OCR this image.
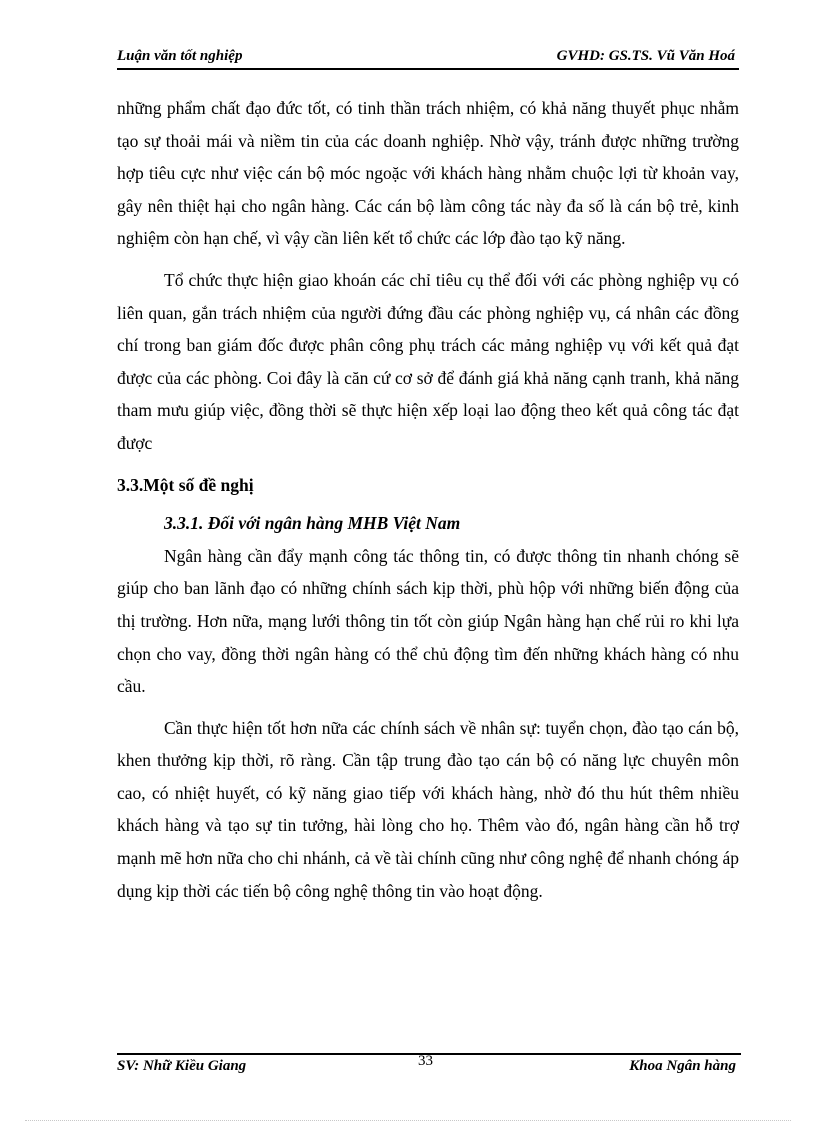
Luận văn tốt nghiệp	GVHD: GS.TS. Vũ Văn Hoá

những phẩm chất đạo đức tốt, có tinh thần trách nhiệm, có khả năng thuyết phục nhằm tạo sự thoải mái và niềm tin của các doanh nghiệp. Nhờ vậy, tránh được những trường hợp tiêu cực như việc cán bộ móc ngoặc với khách hàng nhằm chuộc lợi từ khoản vay, gây nên thiệt hại cho ngân hàng. Các cán bộ làm công tác này đa số là cán bộ trẻ, kinh nghiệm còn hạn chế, vì vậy cần liên kết tổ chức các lớp đào tạo kỹ năng.

Tổ chức thực hiện giao khoán các chỉ tiêu cụ thể đối với các phòng nghiệp vụ có liên quan, gắn trách nhiệm của người đứng đầu các phòng nghiệp vụ, cá nhân các đồng chí trong ban giám đốc được phân công phụ trách các mảng nghiệp vụ với kết quả đạt được của các phòng. Coi đây là căn cứ cơ sở để đánh giá khả năng cạnh tranh, khả năng tham mưu giúp việc, đồng thời sẽ thực hiện xếp loại lao động theo kết quả công tác đạt được

3.3.Một số đề nghị

3.3.1. Đối với ngân hàng MHB Việt Nam

Ngân hàng cần đẩy mạnh công tác thông tin, có được thông tin nhanh chóng sẽ giúp cho ban lãnh đạo có những chính sách kịp thời, phù hộp với những biến động của thị trường. Hơn nữa, mạng lưới thông tin tốt còn giúp Ngân hàng hạn chế rủi ro khi lựa chọn cho vay, đồng thời ngân hàng có thể chủ động tìm đến những khách hàng có nhu cầu.

Cần thực hiện tốt hơn nữa các chính sách về nhân sự: tuyển chọn, đào tạo cán bộ, khen thưởng kịp thời, rõ ràng. Cần tập trung đào tạo cán bộ có năng lực chuyên môn cao, có nhiệt huyết, có kỹ năng giao tiếp với khách hàng, nhờ đó thu hút thêm nhiều khách hàng và tạo sự tin tưởng, hài lòng cho họ. Thêm vào đó, ngân hàng cần hỗ trợ mạnh mẽ hơn nữa cho chi nhánh, cả về tài chính cũng như công nghệ để nhanh chóng áp dụng kịp thời các tiến bộ công nghệ thông tin vào hoạt động.

SV: Nhữ Kiều Giang	33	Khoa Ngân hàng
